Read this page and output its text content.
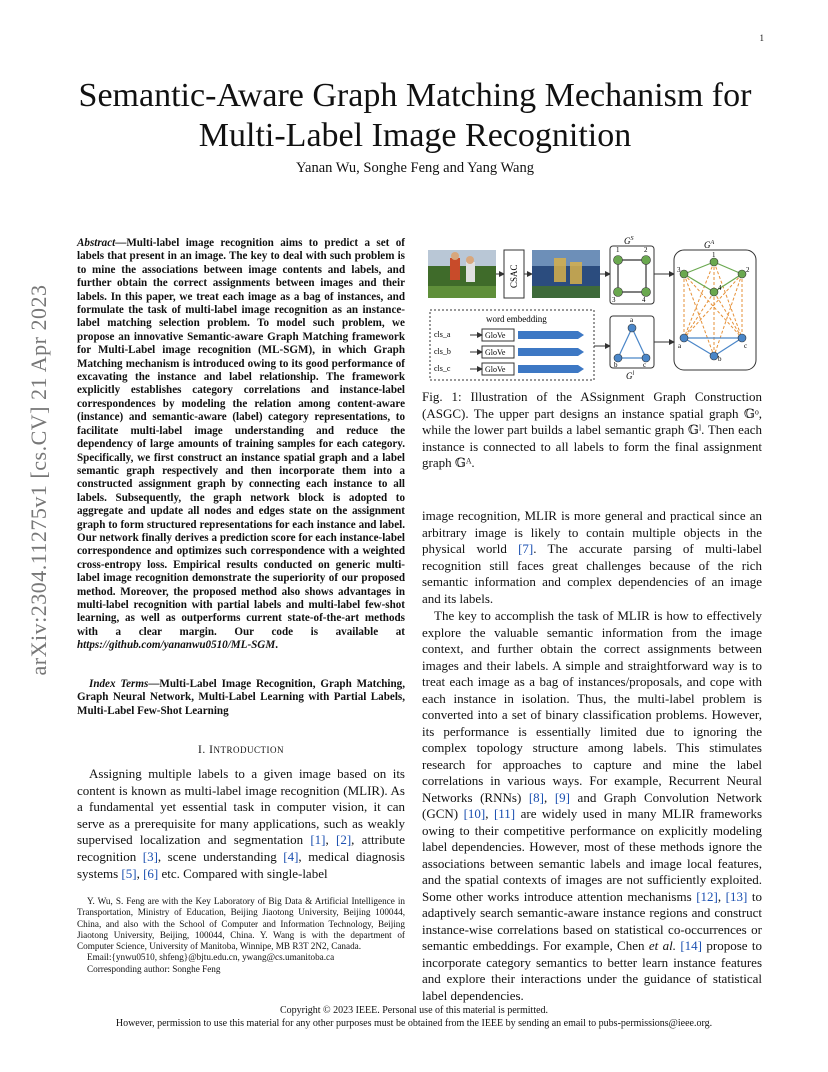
1
arXiv:2304.11275v1 [cs.CV] 21 Apr 2023
Semantic-Aware Graph Matching Mechanism for Multi-Label Image Recognition
Yanan Wu, Songhe Feng and Yang Wang

Abstract—Multi-label image recognition aims to predict a set of labels that present in an image. The key to deal with such problem is to mine the associations between image contents and labels, and further obtain the correct assignments between images and their labels. In this paper, we treat each image as a bag of instances, and formulate the task of multi-label image recognition as an instance-label matching selection problem. To model such problem, we propose an innovative Semantic-aware Graph Matching framework for Multi-Label image recognition (ML-SGM), in which Graph Matching mechanism is introduced owing to its good performance of excavating the instance and label relationship. The framework explicitly establishes category correlations and instance-label correspondences by modeling the relation among content-aware (instance) and semantic-aware (label) category representations, to facilitate multi-label image understanding and reduce the dependency of large amounts of training samples for each category. Specifically, we first construct an instance spatial graph and a label semantic graph respectively and then incorporate them into a constructed assignment graph by connecting each instance to all labels. Subsequently, the graph network block is adopted to aggregate and update all nodes and edges state on the assignment graph to form structured representations for each instance and label. Our network finally derives a prediction score for each instance-label correspondence and optimizes such correspondence with a weighted cross-entropy loss. Empirical results conducted on generic multi-label image recognition demonstrate the superiority of our proposed method. Moreover, the proposed method also shows advantages in multi-label recognition with partial labels and multi-label few-shot learning, as well as outperforms current state-of-the-art methods with a clear margin. Our code is available at https://github.com/yananwu0510/ML-SGM.

Index Terms—Multi-Label Image Recognition, Graph Matching, Graph Neural Network, Multi-Label Learning with Partial Labels, Multi-Label Few-Shot Learning

I. INTRODUCTION

Assigning multiple labels to a given image based on its content is known as multi-label image recognition (MLIR). As a fundamental yet essential task in computer vision, it can serve as a prerequisite for many applications, such as weakly supervised localization and segmentation [1], [2], attribute recognition [3], scene understanding [4], medical diagnosis systems [5], [6] etc. Compared with single-label

Y. Wu, S. Feng are with the Key Laboratory of Big Data & Artificial Intelligence in Transportation, Ministry of Education, Beijing Jiaotong University, Beijing 100044, China, and also with the School of Computer and Information Technology, Beijing Jiaotong University, Beijing, 100044, China. Y. Wang is with the department of Computer Science, University of Manitoba, Winnipe, MB R3T 2N2, Canada.

Email:{ynwu0510, shfeng}@bjtu.edu.cn, ywang@cs.umanitoba.ca

Corresponding author: Songhe Feng

CSAC
$G^S$
1	2
3	4
$G^A$
3
1
2
4
a
b
c
word embedding
cls_a
cls_b
cls_c
GloVe
GloVe
GloVe
a
b	c
$G^l$
Fig. 1: Illustration of the ASsignment Graph Construction (ASGC). The upper part designs an instance spatial graph 𝔾ᵒ, while the lower part builds a label semantic graph 𝔾ˡ. Then each instance is connected to all labels to form the final assignment graph 𝔾ᴬ.

image recognition, MLIR is more general and practical since an arbitrary image is likely to contain multiple objects in the physical world [7]. The accurate parsing of multi-label recognition still faces great challenges because of the rich semantic information and complex dependencies of an image and its labels.

The key to accomplish the task of MLIR is how to effectively explore the valuable semantic information from the image context, and further obtain the correct assignments between images and their labels. A simple and straightforward way is to treat each image as a bag of instances/proposals, and cope with each instance in isolation. Thus, the multi-label problem is converted into a set of binary classification problems. However, its performance is essentially limited due to ignoring the complex topology structure among labels. This stimulates research for approaches to capture and mine the label correlations in various ways. For example, Recurrent Neural Networks (RNNs) [8], [9] and Graph Convolution Network (GCN) [10], [11] are widely used in many MLIR frameworks owing to their competitive performance on explicitly modeling label dependencies. However, most of these methods ignore the associations between semantic labels and image local features, and the spatial contexts of images are not sufficiently exploited. Some other works introduce attention mechanisms [12], [13] to adaptively search semantic-aware instance regions and construct instance-wise correlations based on statistical co-occurrences or semantic embeddings. For example, Chen et al. [14] propose to incorporate category semantics to better learn instance features and explore their interactions under the guidance of statistical label dependencies.

Copyright © 2023 IEEE. Personal use of this material is permitted.
However, permission to use this material for any other purposes must be obtained from the IEEE by sending an email to pubs-permissions@ieee.org.
